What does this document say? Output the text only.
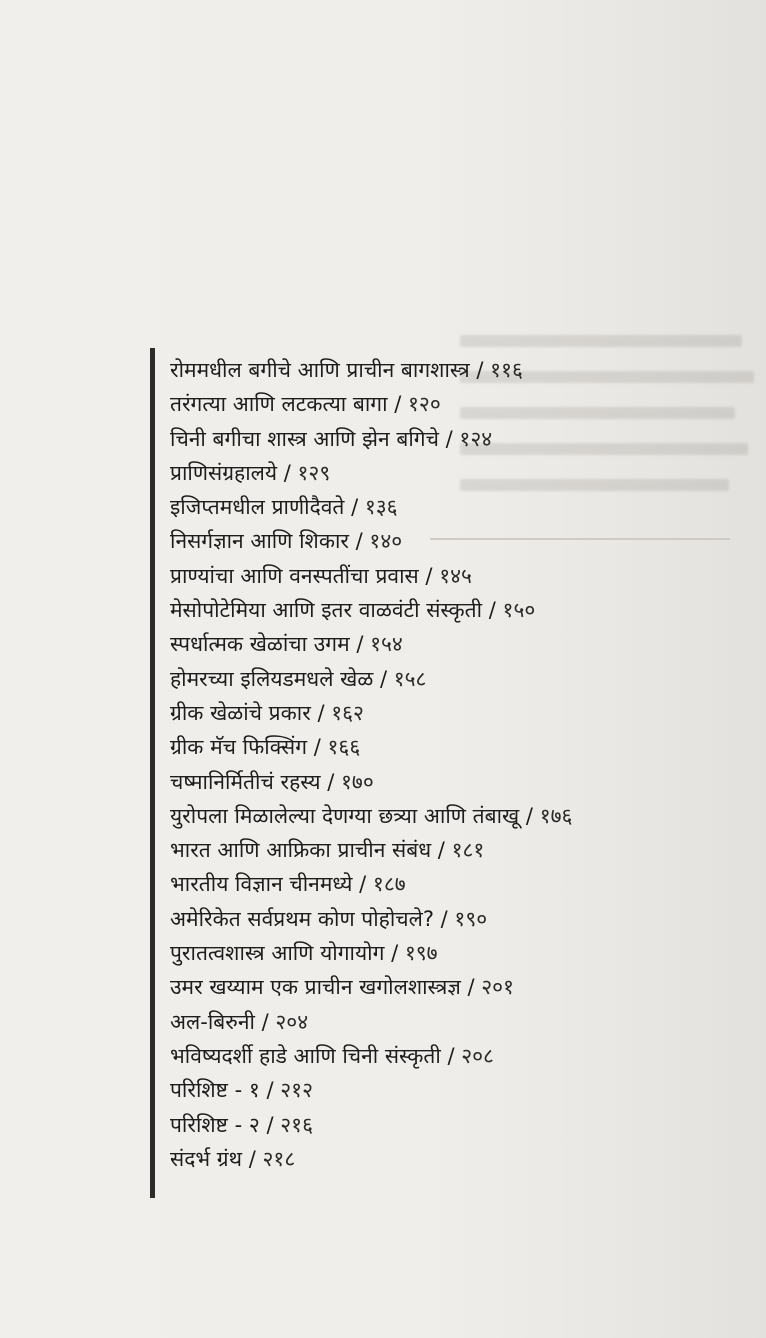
रोममधील बगीचे आणि प्राचीन बागशास्त्र / ११६
तरंगत्या आणि लटकत्या बागा / १२०
चिनी बगीचा शास्त्र आणि झेन बगिचे / १२४
प्राणिसंग्रहालये / १२९
इजिप्तमधील प्राणीदैवते / १३६
निसर्गज्ञान आणि शिकार / १४०
प्राण्यांचा आणि वनस्पतींचा प्रवास / १४५
मेसोपोटेमिया आणि इतर वाळवंटी संस्कृती / १५०
स्पर्धात्मक खेळांचा उगम / १५४
होमरच्या इलियडमधले खेळ / १५८
ग्रीक खेळांचे प्रकार / १६२
ग्रीक मॅच फिक्सिंग / १६६
चष्मानिर्मितीचं रहस्य / १७०
युरोपला मिळालेल्या देणग्या छत्र्या आणि तंबाखू / १७६
भारत आणि आफ्रिका प्राचीन संबंध / १८१
भारतीय विज्ञान चीनमध्ये / १८७
अमेरिकेत सर्वप्रथम कोण पोहोचले? / १९०
पुरातत्वशास्त्र आणि योगायोग / १९७
उमर खय्याम एक प्राचीन खगोलशास्त्रज्ञ / २०१
अल-बिरुनी / २०४
भविष्यदर्शी हाडे आणि चिनी संस्कृती / २०८
परिशिष्ट - १ / २१२
परिशिष्ट - २ / २१६
संदर्भ ग्रंथ / २१८
